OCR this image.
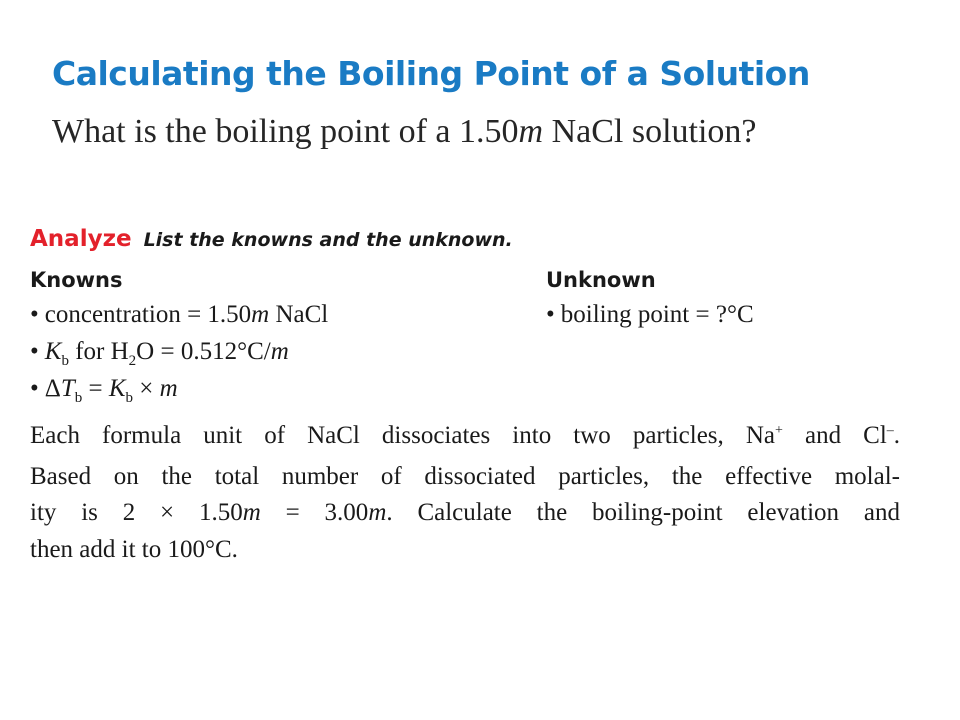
Calculating the Boiling Point of a Solution

What is the boiling point of a 1.50m NaCl solution?

Analyze List the knowns and the unknown.
Knowns	Unknown
• concentration = 1.50m NaCl
• $K_b$ for $H_2O = 0.512^\circ C/m$
• $\Delta T_b = K_b \times m$
• boiling point = ?°C
Each formula unit of NaCl dissociates into two particles, Na+ and Cl–.
Based on the total number of dissociated particles, the effective molal-
ity is 2 × 1.50m = 3.00m. Calculate the boiling-point elevation and
then add it to 100°C.
